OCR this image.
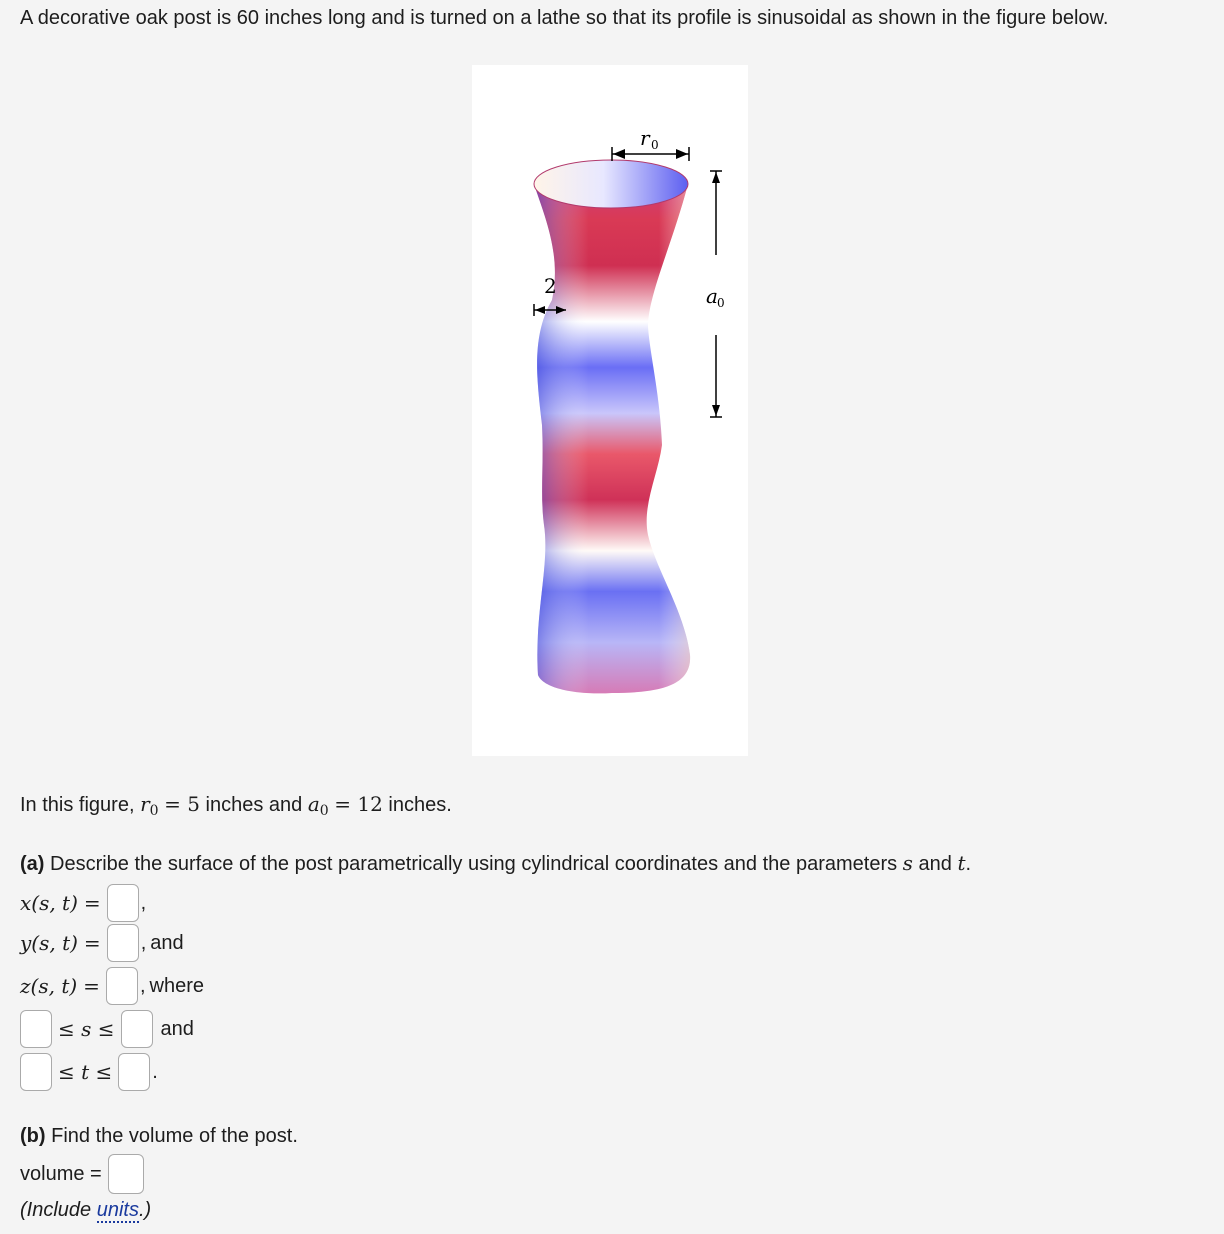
A decorative oak post is 60 inches long and is turned on a lathe so that its profile is sinusoidal as shown in the figure below.
r 0
a 0
2
In this figure, $r_0 = 5$ inches and $a_0 = 12$ inches.
(a) Describe the surface of the post parametrically using cylindrical coordinates and the parameters s and t.
x(s, t) = ,
y(s, t) = , and
z(s, t) = , where
≤ s ≤ and
≤ t ≤ .
(b) Find the volume of the post.
volume =
(Include units.)
